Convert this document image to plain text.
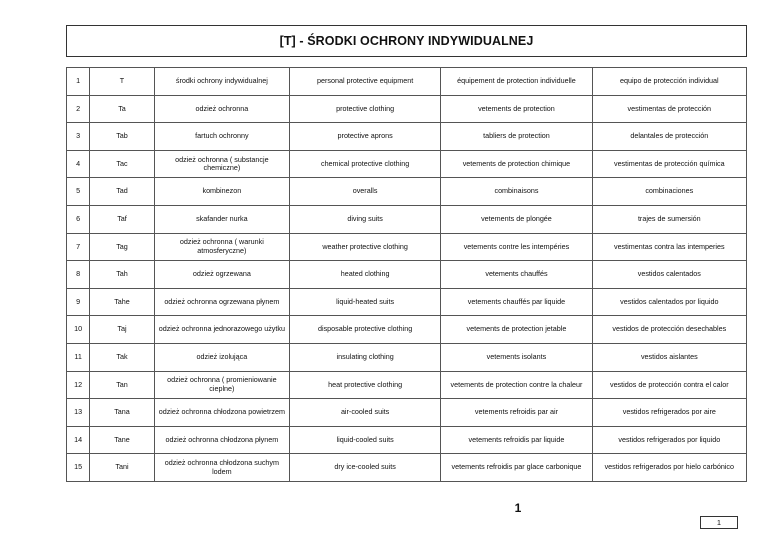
[T] - ŚRODKI OCHRONY INDYWIDUALNEJ
1	T	środki ochrony indywidualnej	personal protective equipment	équipement de protection individuelle	equipo de protección individual
2	Ta	odzież ochronna	protective clothing	vetements de protection	vestimentas de protección
3	Tab	fartuch ochronny	protective aprons	tabliers de protection	delantales de protección
4	Tac	odzież ochronna ( substancje chemiczne)	chemical protective clothing	vetements de protection chimique	vestimentas de protección química
5	Tad	kombinezon	overalls	combinaisons	combinaciones
6	Taf	skafander nurka	diving suits	vetements de plongée	trajes de sumersión
7	Tag	odzież ochronna ( warunki atmosferyczne)	weather protective clothing	vetements contre les intempéries	vestimentas contra las intemperies
8	Tah	odzież ogrzewana	heated clothing	vetements chauffés	vestidos calentados
9	Tahe	odzież ochronna ogrzewana płynem	liquid-heated suits	vetements chauffés par liquide	vestidos calentados por liquido
10	Taj	odzież ochronna jednorazowego użytku	disposable protective clothing	vetements de protection jetable	vestidos de protección desechables
11	Tak	odzież izolująca	insulating clothing	vetements isolants	vestidos aislantes
12	Tan	odzież ochronna ( promieniowanie cieplne)	heat protective clothing	vetements de protection contre la chaleur	vestidos de protección contra el calor
13	Tana	odzież ochronna chłodzona powietrzem	air-cooled suits	vetements refroidis par air	vestidos refrigerados por aire
14	Tane	odzież ochronna chłodzona płynem	liquid-cooled suits	vetements refroidis par liquide	vestidos refrigerados por liquido
15	Tani	odzież ochronna chłodzona suchym lodem	dry ice-cooled suits	vetements refroidis par glace carbonique	vestidos refrigerados por hielo carbónico
1
1
